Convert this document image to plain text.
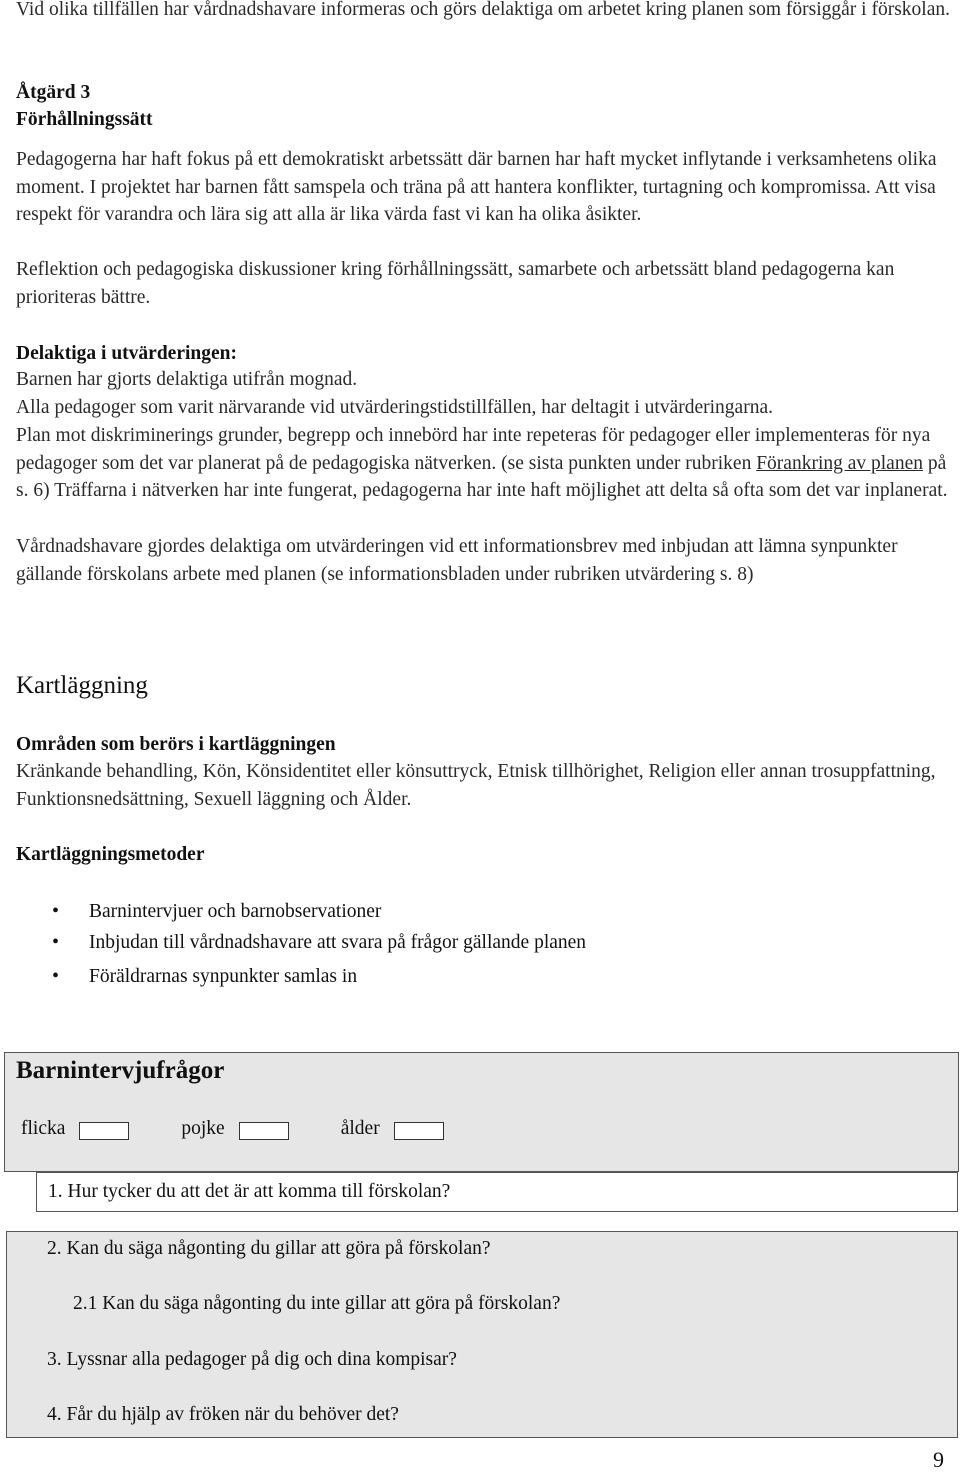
Vid olika tillfällen har vårdnadshavare informeras och görs delaktiga om arbetet kring planen som försiggår i förskolan.

Åtgärd 3

Förhållningssätt

Pedagogerna har haft fokus på ett demokratiskt arbetssätt där barnen har haft mycket inflytande i verksamhetens olika moment. I projektet har barnen fått samspela och träna på att hantera konflikter, turtagning och kompromissa. Att visa respekt för varandra och lära sig att alla är lika värda fast vi kan ha olika åsikter.

Reflektion och pedagogiska diskussioner kring förhållningssätt, samarbete och arbetssätt bland pedagogerna kan prioriteras bättre.

Delaktiga i utvärderingen:

Barnen har gjorts delaktiga utifrån mognad.

Alla pedagoger som varit närvarande vid utvärderingstidstillfällen, har deltagit i utvärderingarna.

Plan mot diskriminerings grunder, begrepp och innebörd har inte repeteras för pedagoger eller implementeras för nya pedagoger som det var planerat på de pedagogiska nätverken. (se sista punkten under rubriken Förankring av planen på s. 6) Träffarna i nätverken har inte fungerat, pedagogerna har inte haft möjlighet att delta så ofta som det var inplanerat.

Vårdnadshavare gjordes delaktiga om utvärderingen vid ett informationsbrev med inbjudan att lämna synpunkter gällande förskolans arbete med planen (se informationsbladen under rubriken utvärdering s. 8)

Kartläggning

Områden som berörs i kartläggningen

Kränkande behandling, Kön, Könsidentitet eller könsuttryck, Etnisk tillhörighet, Religion eller annan trosuppfattning, Funktionsnedsättning, Sexuell läggning och Ålder.

Kartläggningsmetoder

• Barnintervjuer och barnobservationer
• Inbjudan till vårdnadshavare att svara på frågor gällande planen
• Föräldrarnas synpunkter samlas in
Barnintervjufrågor
flicka	pojke	ålder

1. Hur tycker du att det är att komma till förskolan?

2. Kan du säga någonting du gillar att göra på förskolan?

2.1 Kan du säga någonting du inte gillar att göra på förskolan?

3. Lyssnar alla pedagoger på dig och dina kompisar?

4. Får du hjälp av fröken när du behöver det?

9
